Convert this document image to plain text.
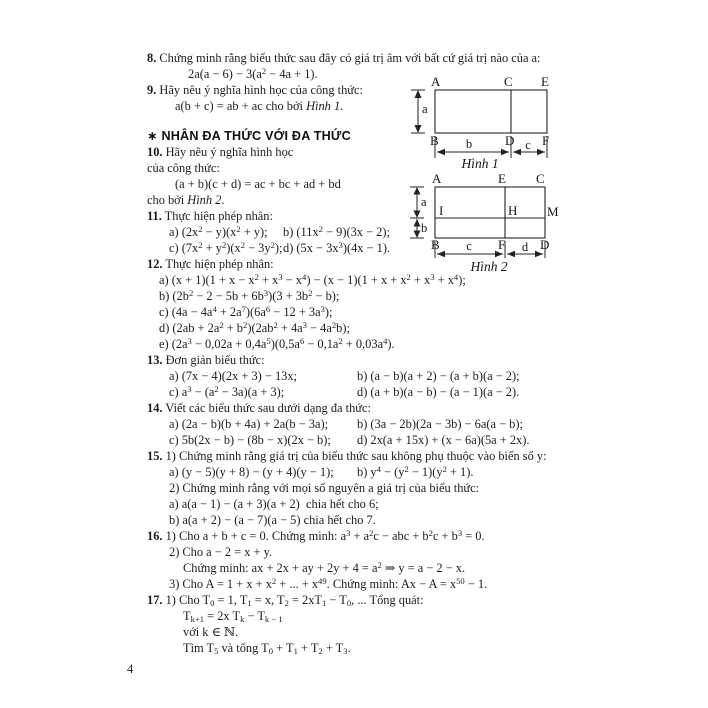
8. Chứng minh rằng biểu thức sau đây có giá trị âm với bất cứ giá trị nào của a:
$2a(a - 6) - 3(a^2 - 4a + 1)$.
9. Hãy nêu ý nghĩa hình học của công thức:
a(b + c) = ab + ac cho bởi Hình 1.
∗ NHÂN ĐA THỨC VỚI ĐA THỨC
10. Hãy nêu ý nghĩa hình học
của công thức:
(a + b)(c + d) = ac + bc + ad + bd
cho bởi Hình 2.
11. Thực hiện phép nhân:
a) $(2x^2 - y)(x^2 + y)$; b) $(11x^2 - 9)(3x - 2)$;
c) $(7x^2 + y^2)(x^2 - 3y^2)$; d) $(5x - 3x^3)(4x - 1)$.
12. Thực hiện phép nhân:
a) $(x + 1)(1 + x - x^2 + x^3 - x^4) - (x - 1)(1 + x + x^2 + x^3 + x^4)$;
b) $(2b^2 - 2 - 5b + 6b^3)(3 + 3b^2 - b)$;
c) $(4a - 4a^4 + 2a^7)(6a^6 - 12 + 3a^3)$;
d) $(2ab + 2a^2 + b^2)(2ab^2 + 4a^3 - 4a^2b)$;
e) $(2a^3 - 0,02a + 0,4a^5)(0,5a^6 - 0,1a^2 + 0,03a^4)$.
13. Đơn giản biểu thức:
a) (7x − 4)(2x + 3) − 13x;	b) (a − b)(a + 2) − (a + b)(a − 2);
c) $a^3 - (a^2 - 3a)(a + 3)$;	d) (a + b)(a − b) − (a − 1)(a − 2).
14. Viết các biểu thức sau dưới dạng đa thức:
a) (2a − b)(b + 4a) + 2a(b − 3a); b) (3a − 2b)(2a − 3b) − 6a(a − b);
c) 5b(2x − b) − (8b − x)(2x − b); d) 2x(a + 15x) + (x − 6a)(5a + 2x).
15. 1) Chứng minh rằng giá trị của biểu thức sau không phụ thuộc vào biến số y:
a) (y − 5)(y + 8) − (y + 4)(y − 1); b) $y^4 - (y^2 - 1)(y^2 + 1)$.
2) Chứng minh rằng với mọi số nguyên a giá trị của biểu thức:
a) a(a − 1) − (a + 3)(a + 2)  chia hết cho 6;
b) a(a + 2) − (a − 7)(a − 5) chia hết cho 7.
16. 1) Cho a + b + c = 0. Chứng minh: $a^3 + a^2c$ − abc + $b^2c + b^3 = 0$.
2) Cho a − 2 = x + y.
Chứng minh: ax + 2x + ay + $2y + 4 = a^2$ ⇒ y = a − 2 − x.
3) Cho $A = 1 + x + x^2$ + ... + $x^{49}$. Chứng minh: $Ax - A = x^{50} - 1$.
17. 1) Cho $T_0 = 1$, $T_1 = x$, $T_2 = 2xT_1 - T_0$, ... Tổng quát:
$T_{k+1} = 2x$ $T_k - T_{k - 1}$
với k ∈ ℕ.
Tìm $T_5$ và tổng $T_0 + T_1 + T_2 + T_3$.
A	C E
B	D F
a
b	c
Hình 1
A	E C
I	H M
B	F	D
a
b
c	d
Hình 2
4
